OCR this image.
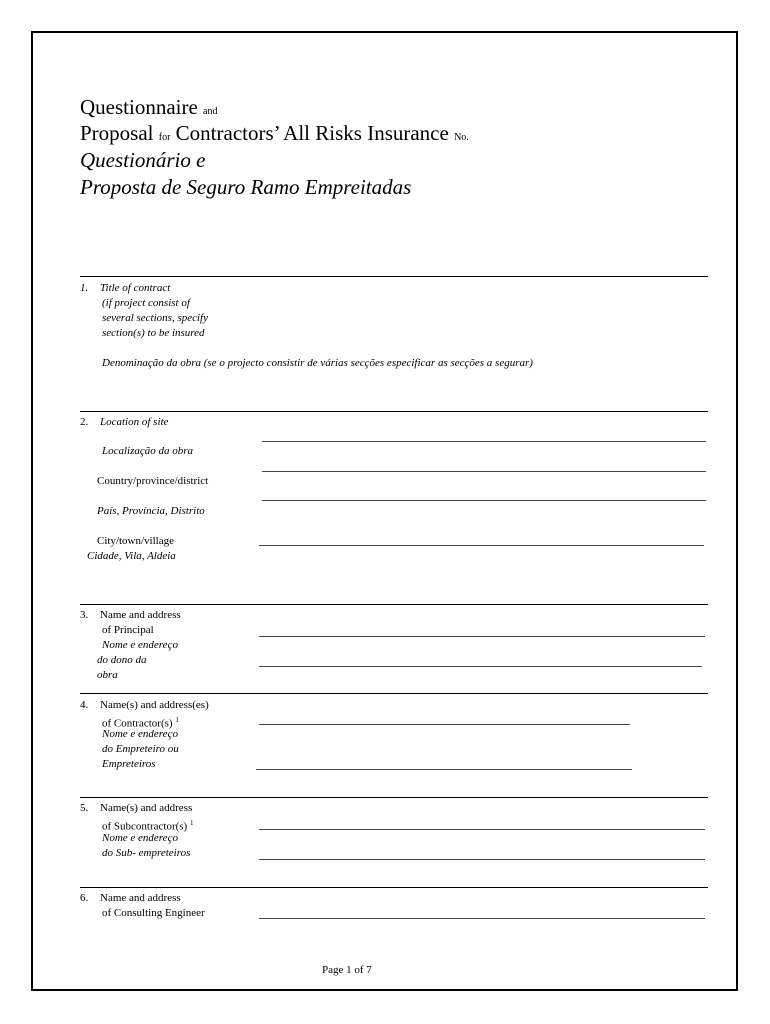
Questionnaire and
Proposal for Contractors’ All Risks Insurance No.
Questionário e
Proposta de Seguro Ramo Empreitadas
1. Title of contract
(if project consist of
several sections, specify
section(s) to be insured
Denominação da obra (se o projecto consistir de várias secções especificar as secções a segurar)
2. Location of site
Localização da obra
Country/province/district
País, Província, Distrito
City/town/village
Cidade, Vila, Aldeia
3. Name and address
of Principal
Nome e endereço
do dono da
obra
4. Name(s) and address(es)
of Contractor(s) $^1$
Nome e endereço
do Empreteiro ou
Empreteiros
5. Name(s) and address
of Subcontractor(s) $^1$
Nome e endereço
do Sub- empreteiros
6. Name and address
of Consulting Engineer
Page 1 of 7
